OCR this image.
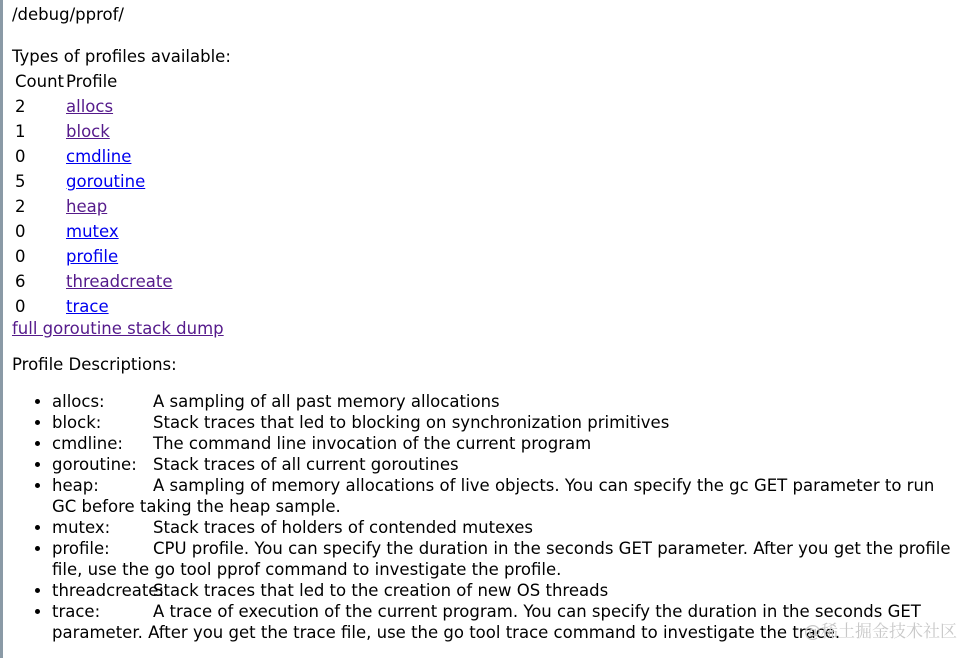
/debug/pprof/
Types of profiles available:
Count	Profile
2	allocs
1	block
0	cmdline
5	goroutine
2	heap
0	mutex
0	profile
6	threadcreate
0	trace
full goroutine stack dump
Profile Descriptions:
• allocs:	A sampling of all past memory allocations
• block:	Stack traces that led to blocking on synchronization primitives
• cmdline: The command line invocation of the current program
• goroutine: Stack traces of all current goroutines
• heap:	A sampling of memory allocations of live objects. You can specify the gc GET parameter to run GC before taking the heap sample.
• mutex:	Stack traces of holders of contended mutexes
• profile:	CPU profile. You can specify the duration in the seconds GET parameter. After you get the profile file, use the go tool pprof command to investigate the profile.
• threadcreate:Stack traces that led to the creation of new OS threads
• trace:	A trace of execution of the current program. You can specify the duration in the seconds GET parameter. After you get the trace file, use the go tool trace command to investigate the trace.
@稀土掘金技术社区
